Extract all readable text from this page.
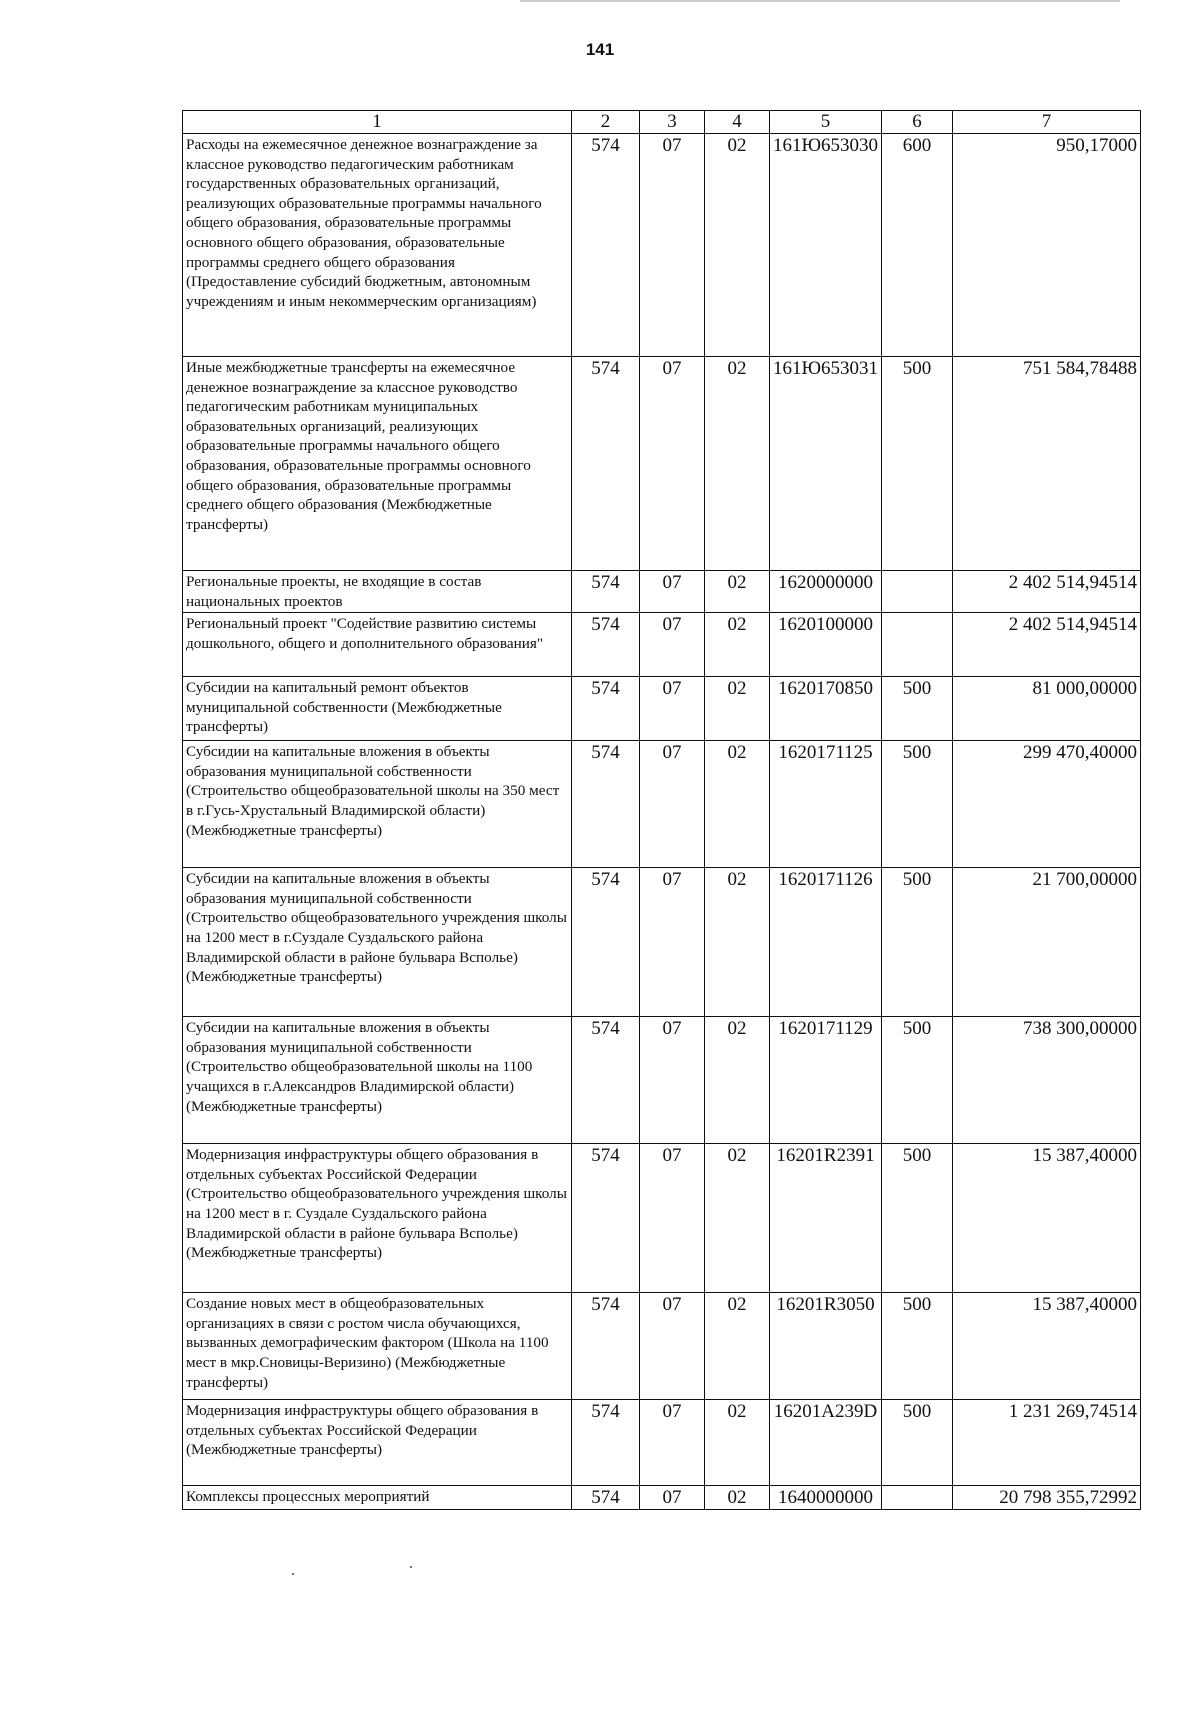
141
1	2	3	4	5	6	7
Расходы на ежемесячное денежное вознаграждение за классное руководство педагогическим работникам государственных образовательных организаций, реализующих образовательные программы начального общего образования, образовательные программы основного общего образования, образовательные программы среднего общего образования (Предоставление субсидий бюджетным, автономным учреждениям и иным некоммерческим организациям)	574	07	02	161Ю653030	600	950,17000
Иные межбюджетные трансферты на ежемесячное денежное вознаграждение за классное руководство педагогическим работникам муниципальных образовательных организаций, реализующих образовательные программы начального общего образования, образовательные программы основного общего образования, образовательные программы среднего общего образования (Межбюджетные трансферты)	574	07	02	161Ю653031	500	751 584,78488
Региональные проекты, не входящие в состав национальных проектов	574	07	02	1620000000		2 402 514,94514
Региональный проект "Содействие развитию системы дошкольного, общего и дополнительного образования"	574	07	02	1620100000		2 402 514,94514
Субсидии на капитальный ремонт объектов муниципальной собственности (Межбюджетные трансферты)	574	07	02	1620170850	500	81 000,00000
Субсидии на капитальные вложения в объекты образования муниципальной собственности (Строительство общеобразовательной школы на 350 мест в г.Гусь-Хрустальный Владимирской области) (Межбюджетные трансферты)	574	07	02	1620171125	500	299 470,40000
Субсидии на капитальные вложения в объекты образования муниципальной собственности (Строительство общеобразовательного учреждения школы на 1200 мест в г.Суздале Суздальского района Владимирской области в районе бульвара Всполье) (Межбюджетные трансферты)	574	07	02	1620171126	500	21 700,00000
Субсидии на капитальные вложения в объекты образования муниципальной собственности (Строительство общеобразовательной школы на 1100 учащихся в г.Александров Владимирской области) (Межбюджетные трансферты)	574	07	02	1620171129	500	738 300,00000
Модернизация инфраструктуры общего образования в отдельных субъектах Российской Федерации (Строительство общеобразовательного учреждения школы на 1200 мест в г. Суздале Суздальского района Владимирской области в районе бульвара Всполье) (Межбюджетные трансферты)	574	07	02	16201R2391	500	15 387,40000
Создание новых мест в общеобразовательных организациях в связи с ростом числа обучающихся, вызванных демографическим фактором (Школа на 1100 мест в мкр.Сновицы-Веризино) (Межбюджетные трансферты)	574	07	02	16201R3050	500	15 387,40000
Модернизация инфраструктуры общего образования в отдельных субъектах Российской Федерации (Межбюджетные трансферты)	574	07	02	16201A239D	500	1 231 269,74514
Комплексы процессных мероприятий	574	07	02	1640000000		20 798 355,72992
